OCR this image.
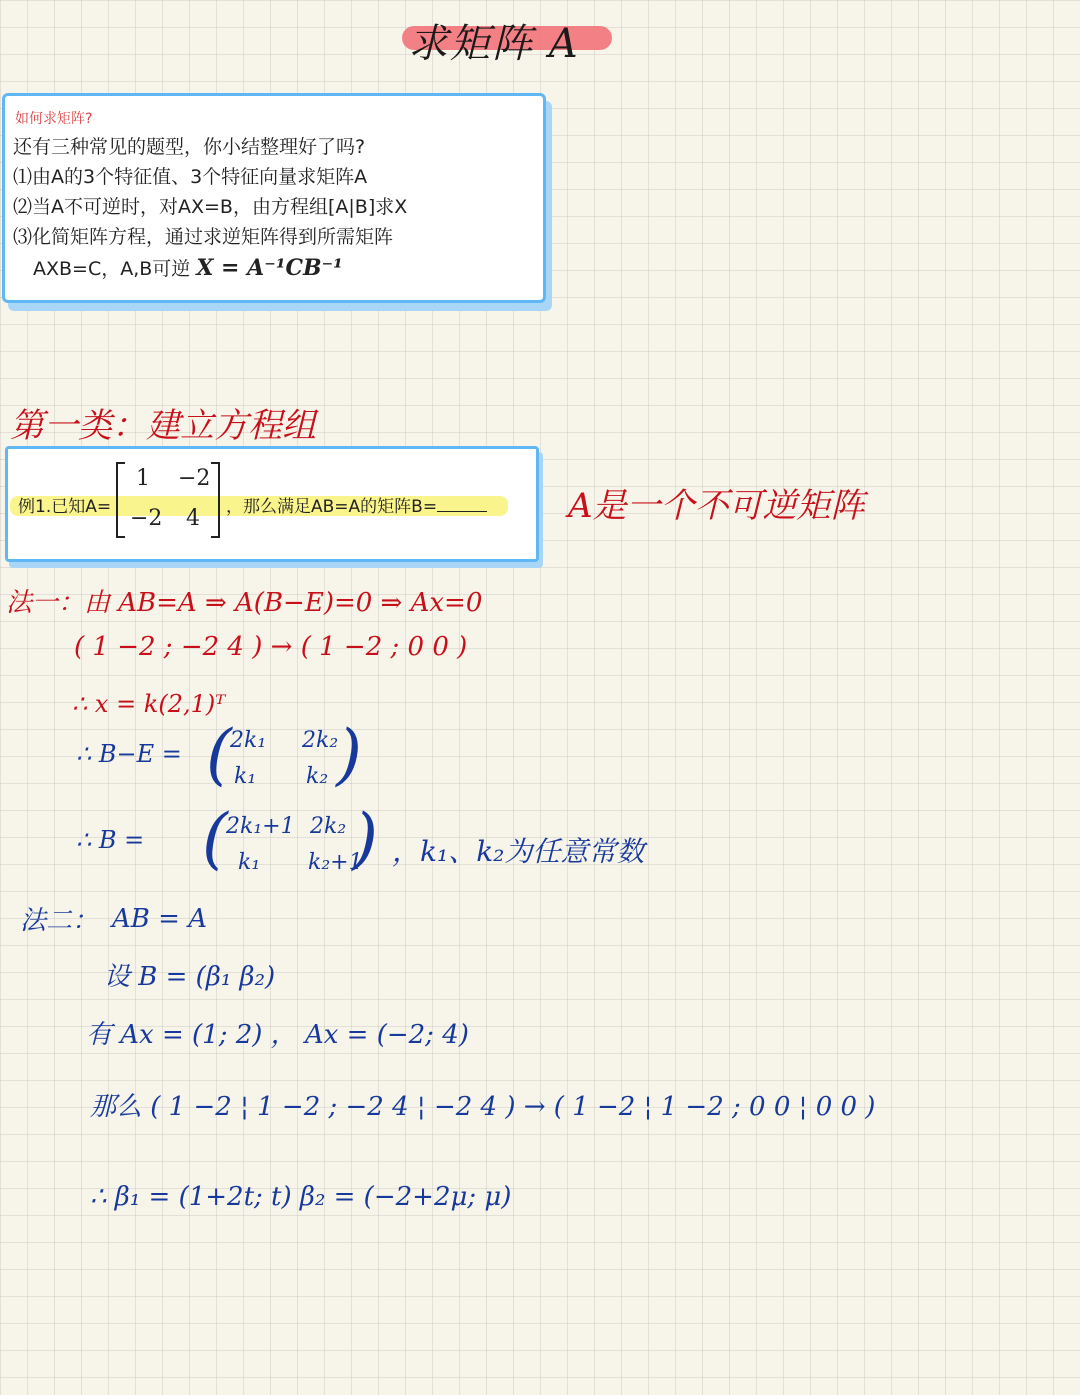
求矩阵 A
如何求矩阵?
还有三种常见的题型，你小结整理好了吗?
⑴由A的3个特征值、3个特征向量求矩阵A
⑵当A不可逆时，对AX=B，由方程组[A|B]求X
⑶化简矩阵方程，通过求逆矩阵得到所需矩阵
AXB=C，A,B可逆 X = A⁻¹CB⁻¹
第一类：建立方程组
例1.已知A=
1 −2
−2 4 ，那么满足AB=A的矩阵B=	A是一个不可逆矩阵
法一：由 AB=A ⇒ A(B−E)=0 ⇒ Ax=0
( 1 −2 ; −2 4 ) → ( 1 −2 ; 0 0 )
∴ x = k(2,1)ᵀ
∴ B−E = ( )
2k₁ 2k₂
k₁ k₂
∴ B = ( )
2k₁+1 2k₂
k₁ k₂+1 ，k₁、k₂为任意常数
法二： AB = A
设 B = (β₁ β₂)
有 Ax = (1; 2) ， Ax = (−2; 4)
那么 ( 1 −2 ¦ 1 −2 ; −2 4 ¦ −2 4 ) → ( 1 −2 ¦ 1 −2 ; 0 0 ¦ 0 0 )
∴ β₁ = (1+2t; t) β₂ = (−2+2μ; μ)
